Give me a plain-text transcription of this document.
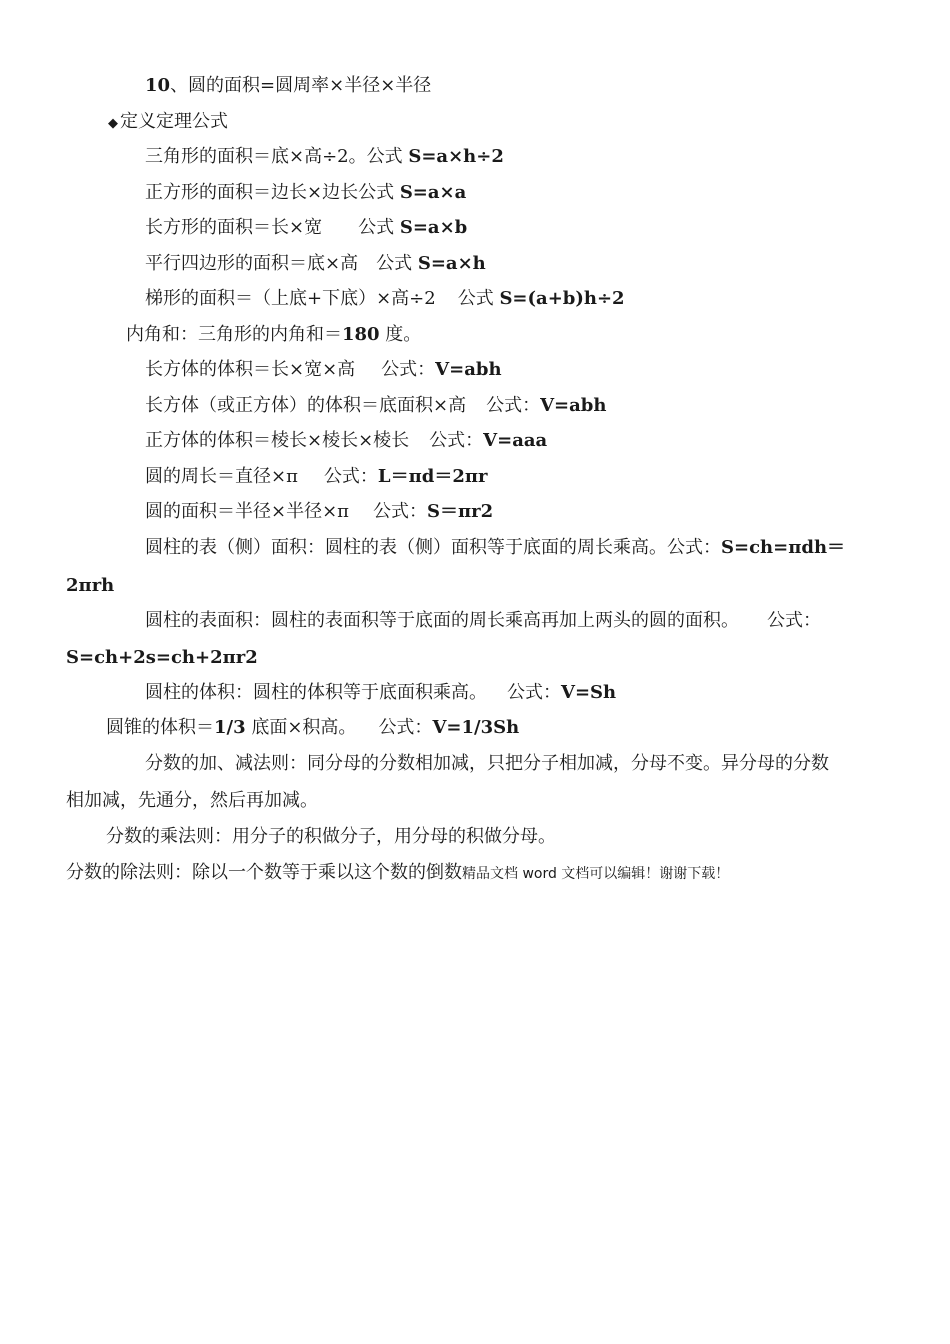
10、圆的面积=圆周率×半径×半径
◆ 定义定理公式
三角形的面积＝底×高÷2。公式 S=a×h÷2
正方形的面积＝边长×边长公式 S=a×a
长方形的面积＝长×宽 公式 S=a×b
平行四边形的面积＝底×高 公式 S=a×h
梯形的面积＝（上底+下底）×高÷2 公式 S=(a+b)h÷2
内角和：三角形的内角和＝180 度。
长方体的体积＝长×宽×高 公式：V=abh
长方体（或正方体）的体积＝底面积×高 公式：V=abh
正方体的体积＝棱长×棱长×棱长 公式：V=aaa
圆的周长＝直径×π 公式：L＝πd＝2πr
圆的面积＝半径×半径×π 公式：S＝πr2
圆柱的表（侧）面积：圆柱的表（侧）面积等于底面的周长乘高。公式：S=ch=πdh＝
2πrh
圆柱的表面积：圆柱的表面积等于底面的周长乘高再加上两头的圆的面积。 公式：
S=ch+2s=ch+2πr2
圆柱的体积：圆柱的体积等于底面积乘高。 公式：V=Sh
圆锥的体积＝1/3 底面×积高。 公式：V=1/3Sh
分数的加、减法则：同分母的分数相加减，只把分子相加减，分母不变。异分母的分数
相加减，先通分，然后再加减。
分数的乘法则：用分子的积做分子，用分母的积做分母。
分数的除法则：除以一个数等于乘以这个数的倒数精品文档 word 文档可以编辑！谢谢下载！
